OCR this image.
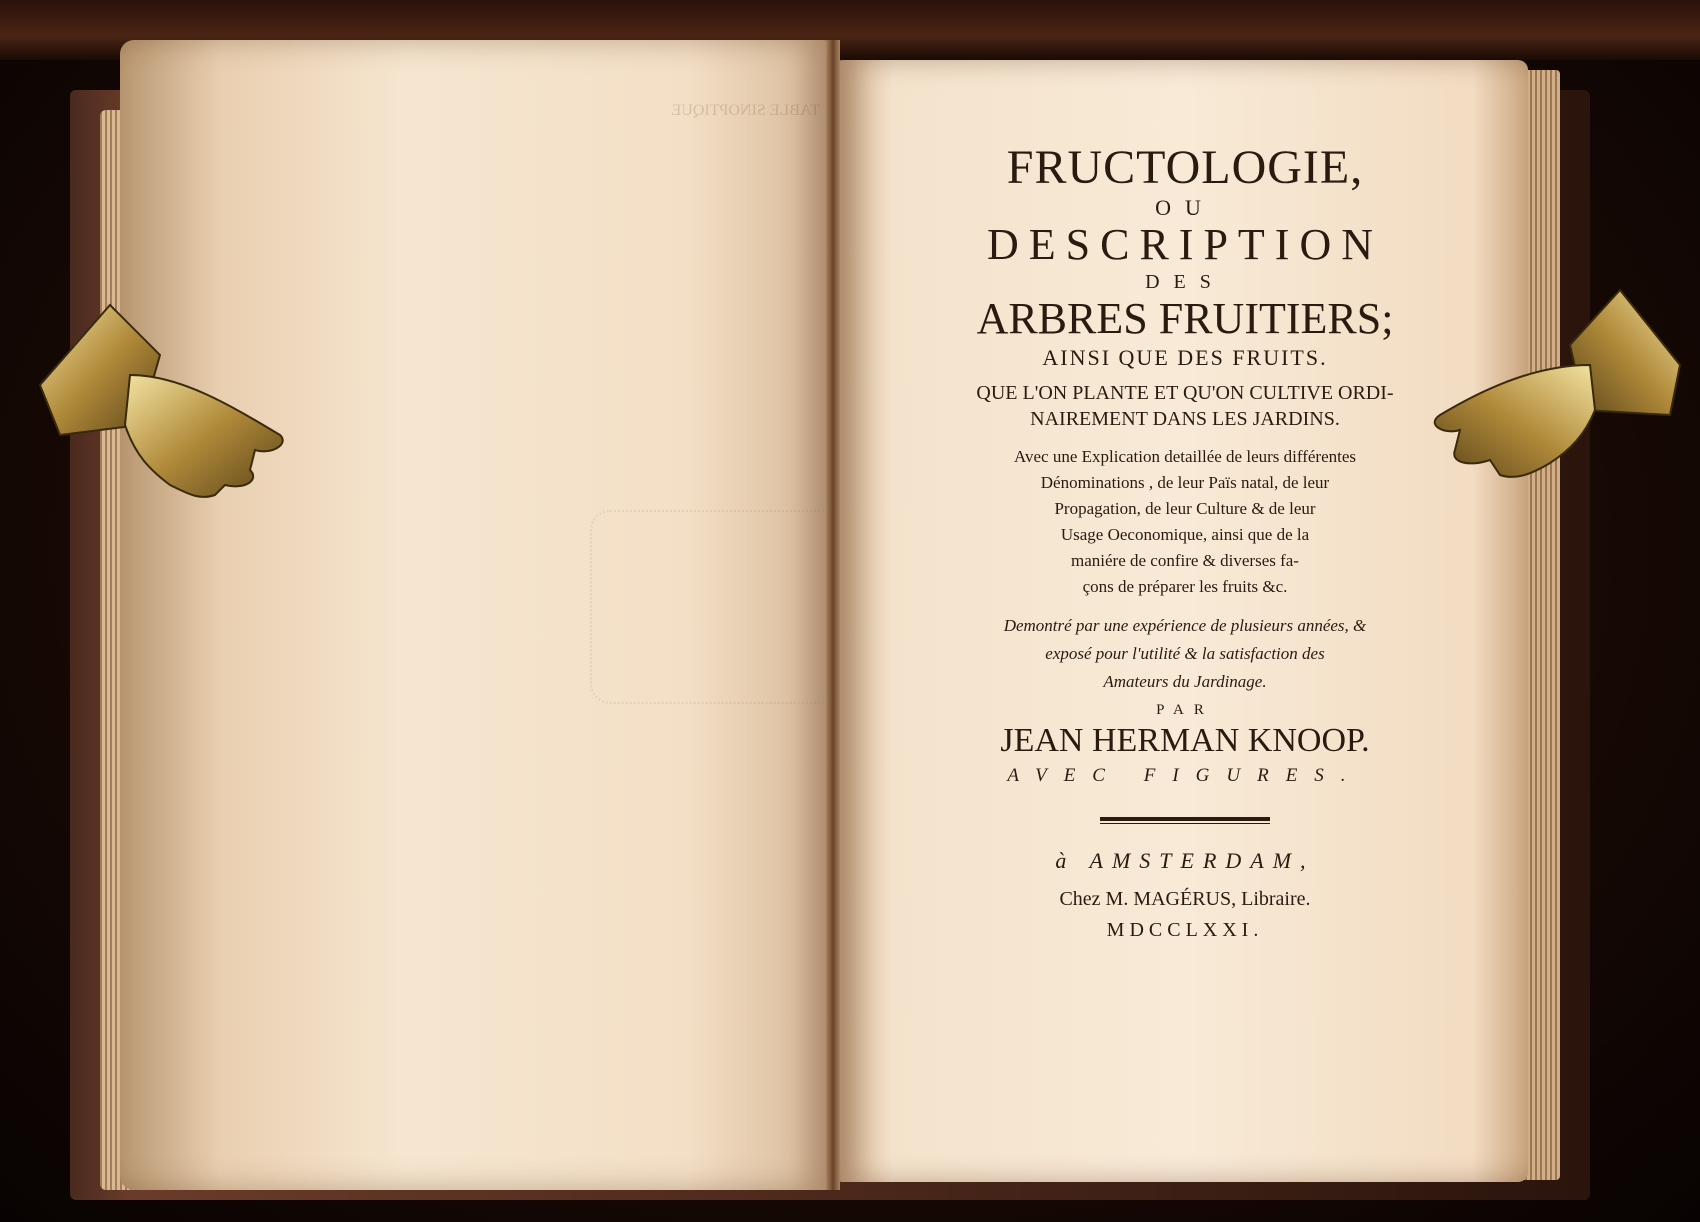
TABLE SINOPTIQUE
FRUCTOLOGIE,
OU
DESCRIPTION
DES
ARBRES FRUITIERS;
AINSI QUE DES FRUITS.
QUE L'ON PLANTE ET QU'ON CULTIVE ORDI-
NAIREMENT DANS LES JARDINS.
Avec une Explication detaillée de leurs différentes
Dénominations , de leur Païs natal, de leur
Propagation, de leur Culture & de leur
Usage Oeconomique, ainsi que de la
maniére de confire & diverses fa-
çons de préparer les fruits &c.
Demontré par une expérience de plusieurs années, &
exposé pour l'utilité & la satisfaction des
Amateurs du Jardinage.
PAR
JEAN HERMAN KNOOP.
AVEC FIGURES.
à AMSTERDAM,
Chez M. MAGÉRUS, Libraire.
MDCCLXXI.
